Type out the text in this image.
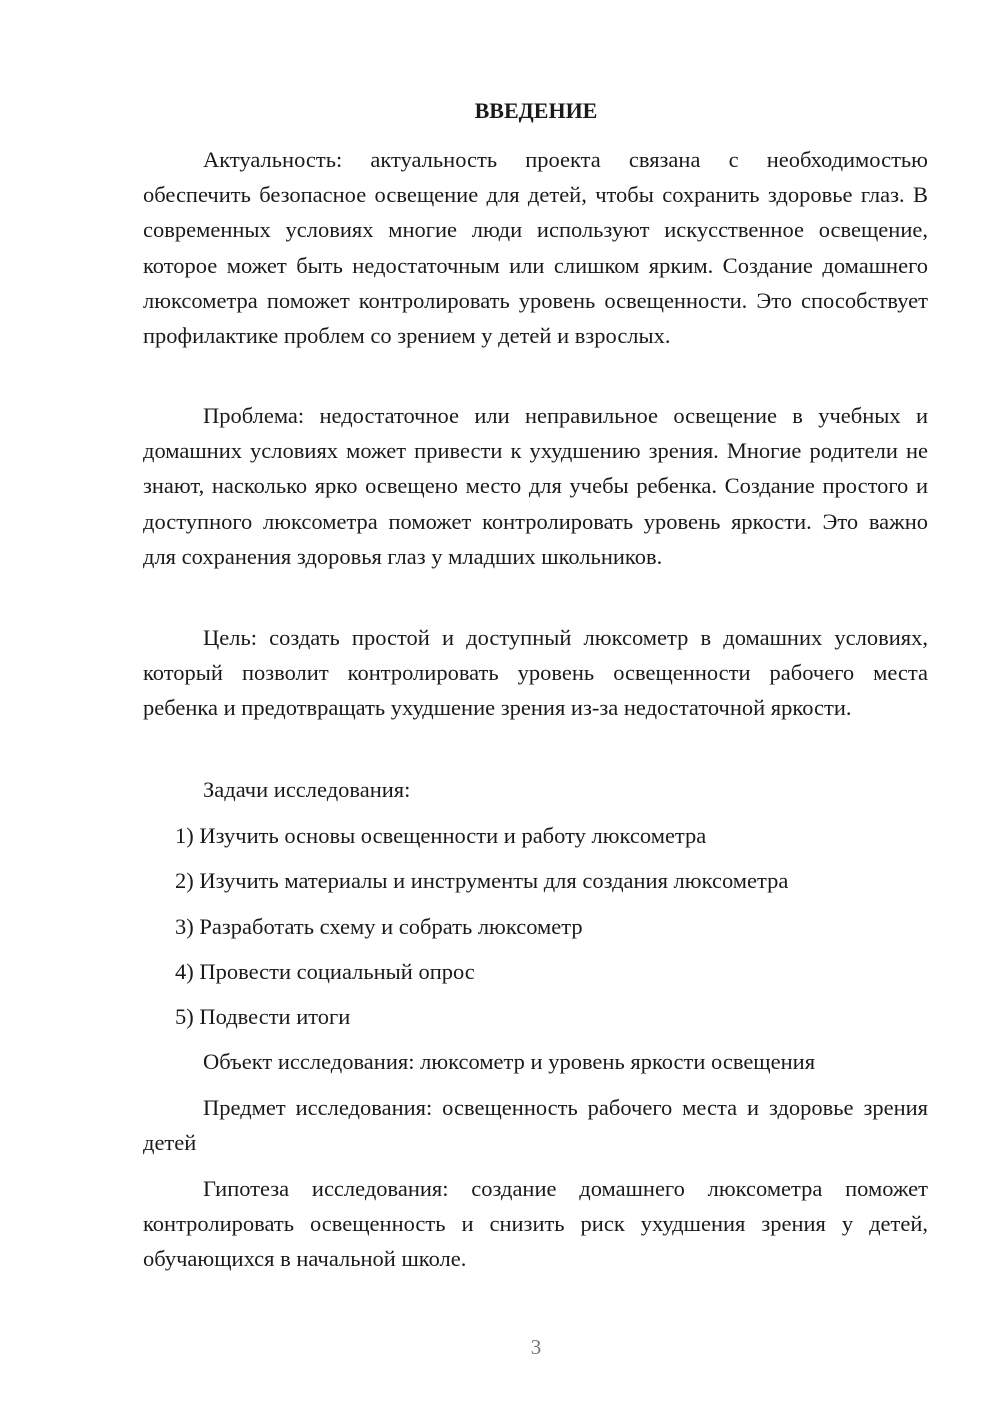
ВВЕДЕНИЕ

Актуальность: актуальность проекта связана с необходимостью обеспечить безопасное освещение для детей, чтобы сохранить здоровье глаз. В современных условиях многие люди используют искусственное освещение, которое может быть недостаточным или слишком ярким. Создание домашнего люксометра поможет контролировать уровень освещенности. Это способствует профилактике проблем со зрением у детей и взрослых.

Проблема: недостаточное или неправильное освещение в учебных и домашних условиях может привести к ухудшению зрения. Многие родители не знают, насколько ярко освещено место для учебы ребенка. Создание простого и доступного люксометра поможет контролировать уровень яркости. Это важно для сохранения здоровья глаз у младших школьников.

Цель: создать простой и доступный люксометр в домашних условиях, который позволит контролировать уровень освещенности рабочего места ребенка и предотвращать ухудшение зрения из-за недостаточной яркости.

Задачи исследования:

1) Изучить основы освещенности и работу люксометра
2) Изучить материалы и инструменты для создания люксометра
3) Разработать схему и собрать люксометр
4) Провести социальный опрос
5) Подвести итоги

Объект исследования: люксометр и уровень яркости освещения

Предмет исследования: освещенность рабочего места и здоровье зрения детей

Гипотеза исследования: создание домашнего люксометра поможет контролировать освещенность и снизить риск ухудшения зрения у детей, обучающихся в начальной школе.

3
